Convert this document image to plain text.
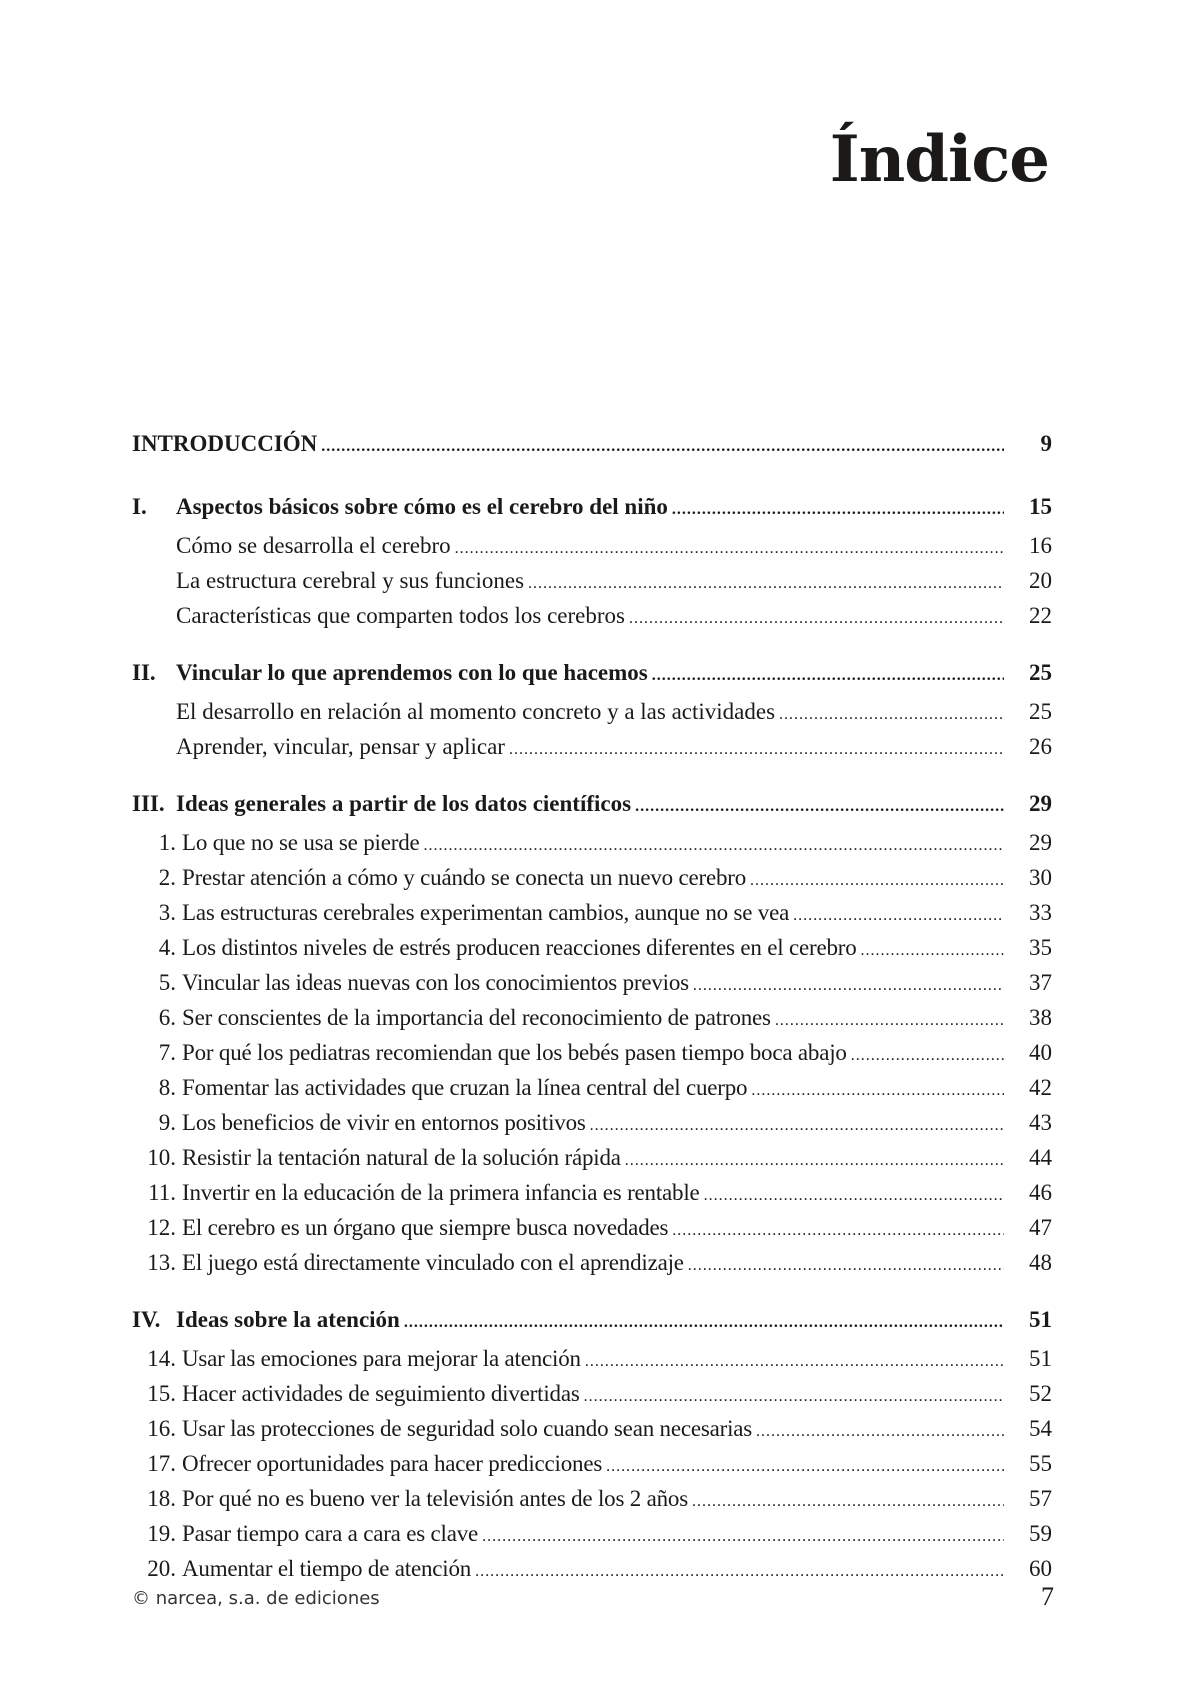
Índice
INTRODUCCIÓN .....	9
I.	Aspectos básicos sobre cómo es el cerebro del niño .....	15
Cómo se desarrolla el cerebro .....	16
La estructura cerebral y sus funciones .....	20
Características que comparten todos los cerebros .....	22
II. Vincular lo que aprendemos con lo que hacemos .....	25
El desarrollo en relación al momento concreto y a las actividades .....	25
Aprender, vincular, pensar y aplicar .....	26
III. Ideas generales a partir de los datos científicos .....	29
1. Lo que no se usa se pierde .....	29
2. Prestar atención a cómo y cuándo se conecta un nuevo cerebro .....	30
3. Las estructuras cerebrales experimentan cambios, aunque no se vea .....	33
4. Los distintos niveles de estrés producen reacciones diferentes en el cerebro .....	35
5. Vincular las ideas nuevas con los conocimientos previos .....	37
6. Ser conscientes de la importancia del reconocimiento de patrones .....	38
7. Por qué los pediatras recomiendan que los bebés pasen tiempo boca abajo .....	40
8. Fomentar las actividades que cruzan la línea central del cuerpo .....	42
9. Los beneficios de vivir en entornos positivos .....	43
10. Resistir la tentación natural de la solución rápida .....	44
11. Invertir en la educación de la primera infancia es rentable .....	46
12. El cerebro es un órgano que siempre busca novedades .....	47
13. El juego está directamente vinculado con el aprendizaje .....	48
IV. Ideas sobre la atención .....	51
14. Usar las emociones para mejorar la atención .....	51
15. Hacer actividades de seguimiento divertidas .....	52
16. Usar las protecciones de seguridad solo cuando sean necesarias .....	54
17. Ofrecer oportunidades para hacer predicciones .....	55
18. Por qué no es bueno ver la televisión antes de los 2 años .....	57
19. Pasar tiempo cara a cara es clave .....	59
20. Aumentar el tiempo de atención .....	60
© narcea, s.a. de ediciones	7
